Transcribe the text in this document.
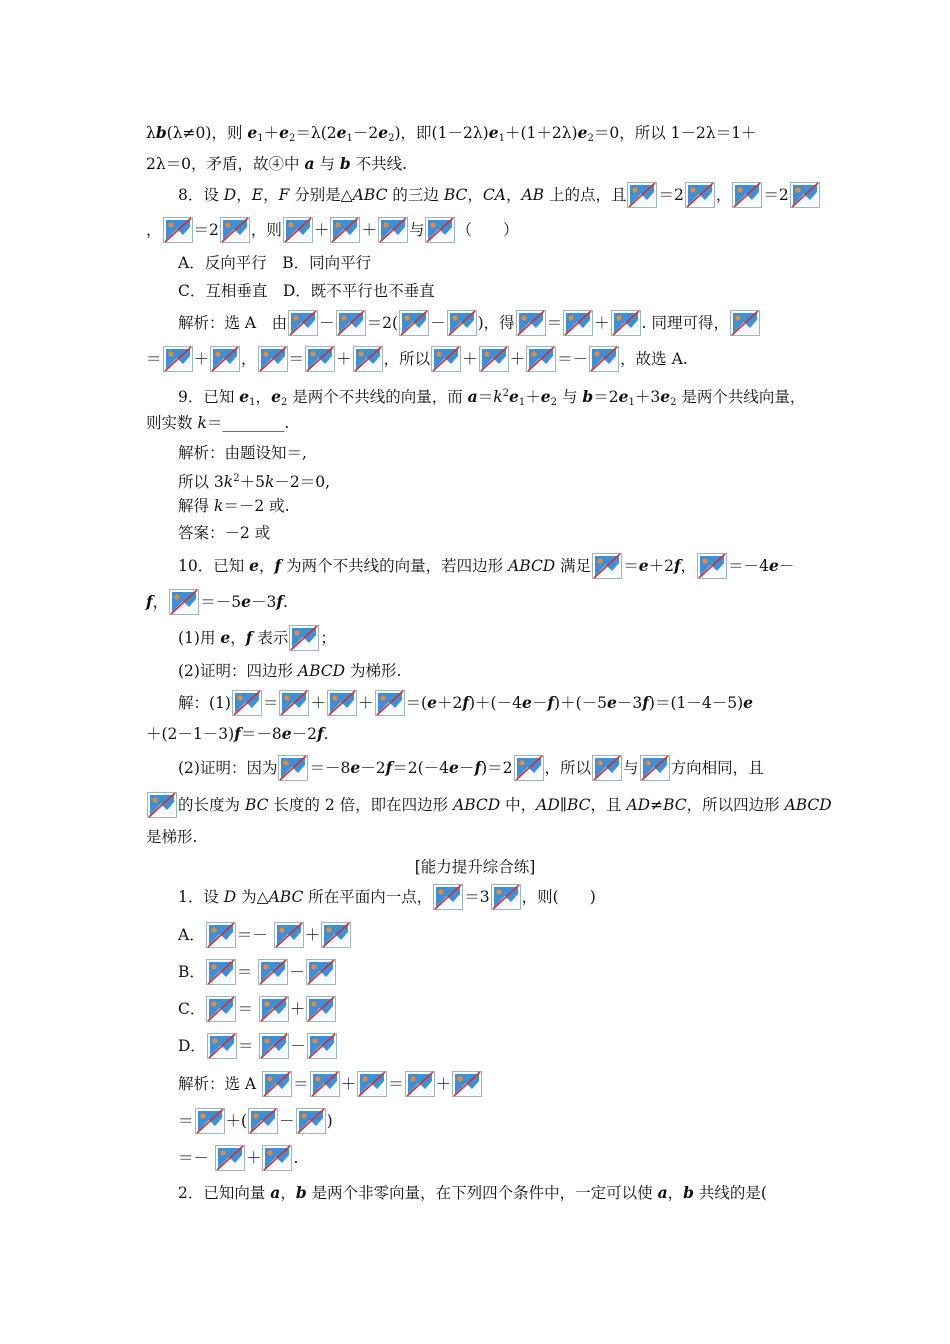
λb(λ≠0)，则 $e_1+e_2=\lambda(2e_1-2e_2)$，即$(1-2\lambda)e_1+(1+2\lambda)e_2=0$，所以 1－2λ＝1＋
2λ＝0，矛盾，故④中 a 与 b 不共线.
8．设 D，E，F 分别是△ABC 的三边 BC，CA，AB 上的点，且 ＝2 ， ＝2
， ＝2 ，则 ＋ ＋ 与 （　　）
A．反向平行　B．同向平行
C．互相垂直　D．既不平行也不垂直
解析：选 A　由 － ＝2( － )，得 ＝ ＋ . 同理可得，
＝ ＋ ， ＝ ＋ ，所以 ＋ ＋ ＝－ ，故选 A.
9．已知 $e_1$，$e_2$ 是两个不共线的向量，而 $a=k^2e_1+e_2$ 与 $b=2e_1+3e_2$ 是两个共线向量，
则实数 k＝________.
解析：由题设知＝,
所以 $3k^2+5k-2=0$,
解得 k＝－2 或.
答案：－2 或
10．已知 e，f 为两个不共线的向量，若四边形 ABCD 满足 ＝e＋2f， ＝－4e－
f， ＝－5e－3f.
(1)用 e，f 表示 ；
(2)证明：四边形 ABCD 为梯形.
解：(1) ＝ ＋ ＋ ＝(e＋2f)＋(－4e－f)＋(－5e－3f)＝(1－4－5)e
＋(2－1－3)f＝－8e－2f.
(2)证明：因为 ＝－8e－2f＝2(－4e－f)＝2 ，所以 与 方向相同，且
的长度为 BC 长度的 2 倍，即在四边形 ABCD 中，AD∥BC，且 AD≠BC，所以四边形 ABCD
是梯形.
[能力提升综合练]
1．设 D 为△ABC 所在平面内一点， ＝3 ，则(　　)
A． ＝－
＋
B． ＝
－
C． ＝
＋
D． ＝
－
解析：选 A
＝ ＋ ＝ ＋
＝ ＋( － )
＝－
＋ .
2．已知向量 a，b 是两个非零向量，在下列四个条件中，一定可以使 a，b 共线的是(
